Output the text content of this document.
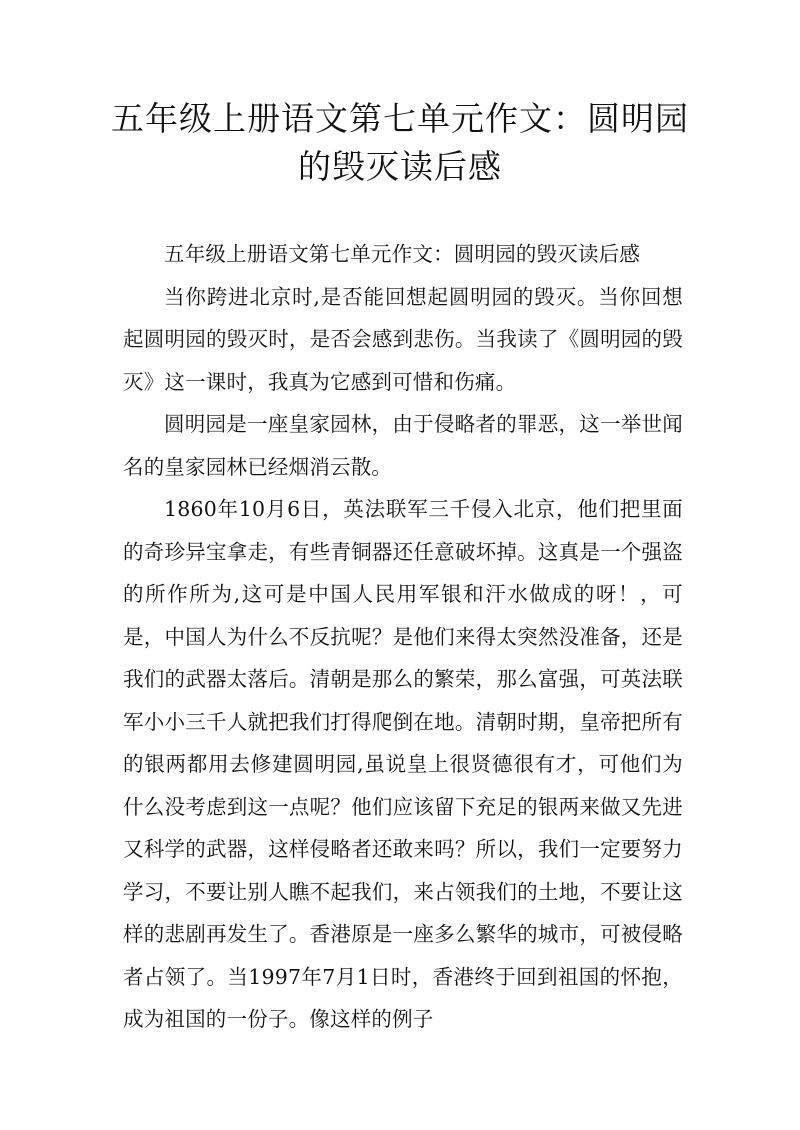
五年级上册语文第七单元作文：圆明园
的毁灭读后感

五年级上册语文第七单元作文：圆明园的毁灭读后感

当你跨进北京时,是否能回想起圆明园的毁灭。当你回想起圆明园的毁灭时，是否会感到悲伤。当我读了《圆明园的毁灭》这一课时，我真为它感到可惜和伤痛。

圆明园是一座皇家园林，由于侵略者的罪恶，这一举世闻名的皇家园林已经烟消云散。

1860年10月6日，英法联军三千侵入北京，他们把里面的奇珍异宝拿走，有些青铜器还任意破坏掉。这真是一个强盗的所作所为,这可是中国人民用军银和汗水做成的呀！，可是，中国人为什么不反抗呢？是他们来得太突然没准备，还是我们的武器太落后。清朝是那么的繁荣，那么富强，可英法联军小小三千人就把我们打得爬倒在地。清朝时期，皇帝把所有的银两都用去修建圆明园,虽说皇上很贤德很有才，可他们为什么没考虑到这一点呢？他们应该留下充足的银两来做又先进又科学的武器，这样侵略者还敢来吗？所以，我们一定要努力学习，不要让别人瞧不起我们，来占领我们的土地，不要让这样的悲剧再发生了。香港原是一座多么繁华的城市，可被侵略者占领了。当1997年7月1日时，香港终于回到祖国的怀抱，成为祖国的一份子。像这样的例子
